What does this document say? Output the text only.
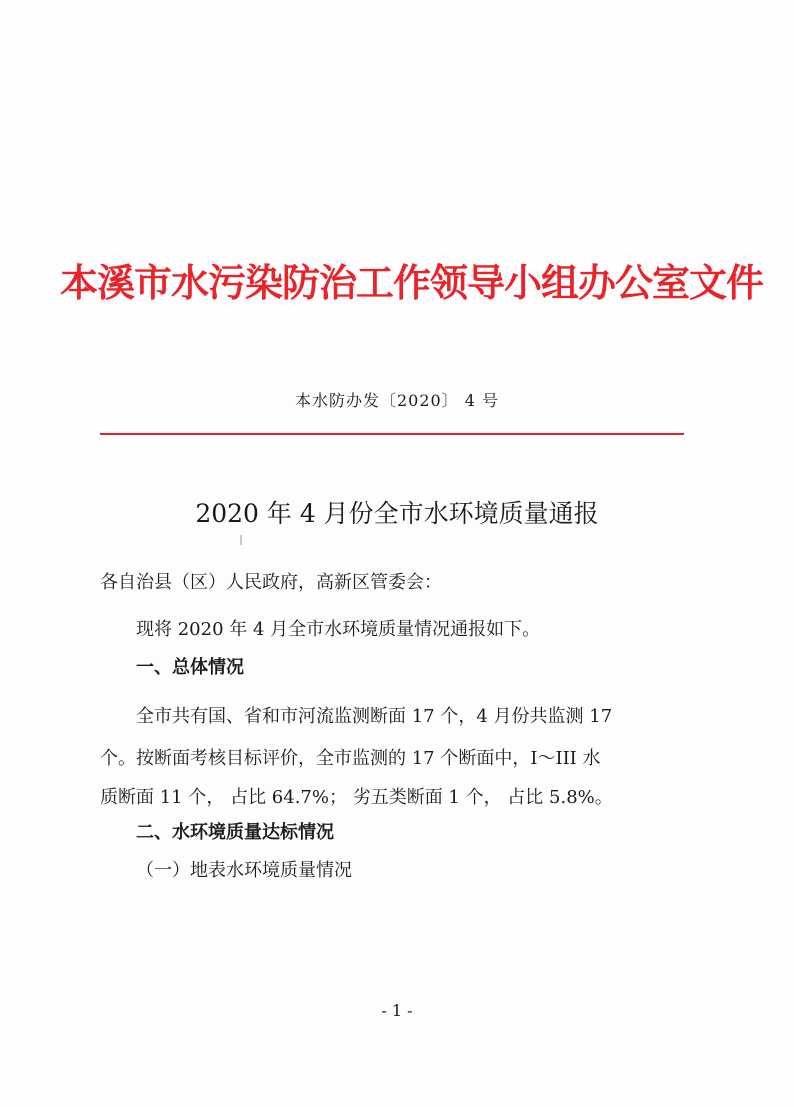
本溪市水污染防治工作领导小组办公室文件
本水防办发〔2020〕 4 号
2020 年 4 月份全市水环境质量通报
各自治县（区）人民政府，高新区管委会：
现将 2020 年 4 月全市水环境质量情况通报如下。
一、总体情况
全市共有国、省和市河流监测断面 17 个，4 月份共监测 17
个。按断面考核目标评价，全市监测的 17 个断面中，I～III 水
质断面 11 个， 占比 64.7%； 劣五类断面 1 个， 占比 5.8%。
二、水环境质量达标情况
（一）地表水环境质量情况
- 1 -
